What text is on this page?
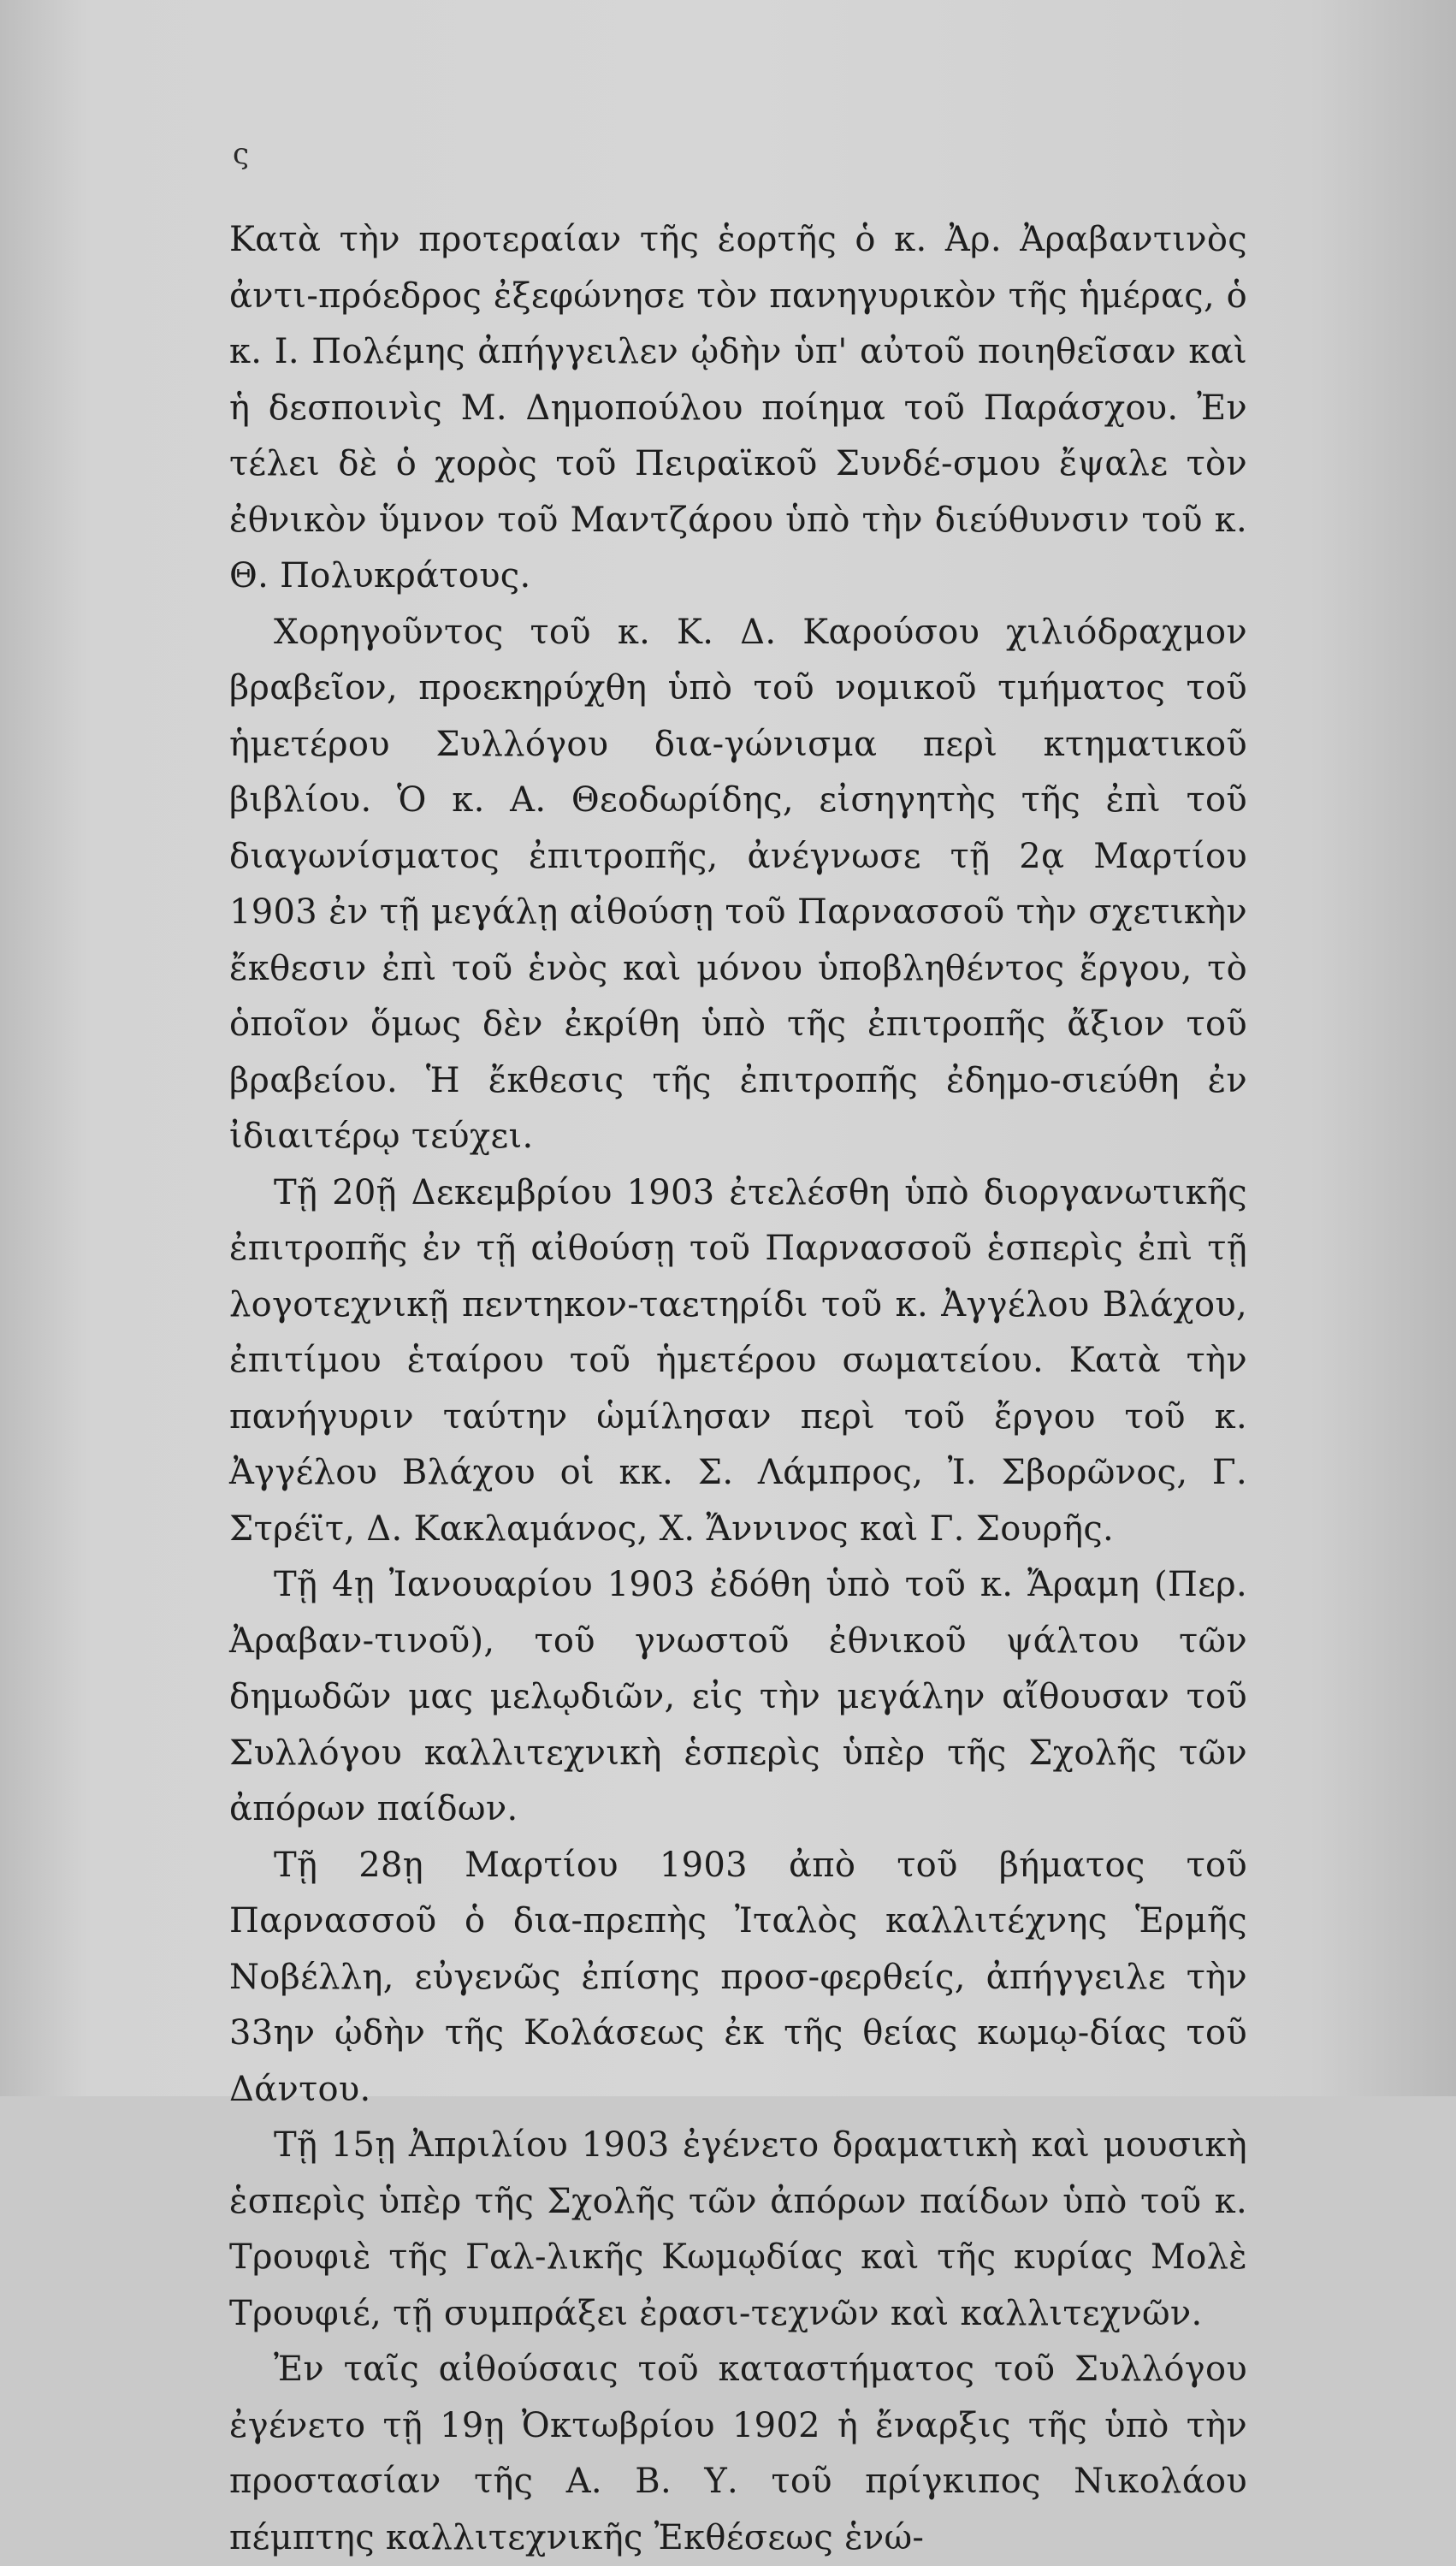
ς

Κατὰ τὴν προτεραίαν τῆς ἑορτῆς ὁ κ. Ἀρ. Ἀραβαντινὸς ἀντι-πρόεδρος ἐξεφώνησε τὸν πανηγυρικὸν τῆς ἡμέρας, ὁ κ. Ι. Πολέμης ἀπήγγειλεν ᾠδὴν ὑπ' αὐτοῦ ποιηθεῖσαν καὶ ἡ δεσποινὶς Μ. Δημοπούλου ποίημα τοῦ Παράσχου. Ἐν τέλει δὲ ὁ χορὸς τοῦ Πειραϊκοῦ Συνδέ-σμου ἔψαλε τὸν ἐθνικὸν ὕμνον τοῦ Μαντζάρου ὑπὸ τὴν διεύθυνσιν τοῦ κ. Θ. Πολυκράτους.

Χορηγοῦντος τοῦ κ. Κ. Δ. Καρούσου χιλιόδραχμον βραβεῖον, προεκηρύχθη ὑπὸ τοῦ νομικοῦ τμήματος τοῦ ἡμετέρου Συλλόγου δια-γώνισμα περὶ κτηματικοῦ βιβλίου. Ὁ κ. Α. Θεοδωρίδης, εἰσηγητὴς τῆς ἐπὶ τοῦ διαγωνίσματος ἐπιτροπῆς, ἀνέγνωσε τῇ 2ᾳ Μαρτίου 1903 ἐν τῇ μεγάλῃ αἰθούσῃ τοῦ Παρνασσοῦ τὴν σχετικὴν ἔκθεσιν ἐπὶ τοῦ ἑνὸς καὶ μόνου ὑποβληθέντος ἔργου, τὸ ὁποῖον ὅμως δὲν ἐκρίθη ὑπὸ τῆς ἐπιτροπῆς ἄξιον τοῦ βραβείου. Ἡ ἔκθεσις τῆς ἐπιτροπῆς ἐδημο-σιεύθη ἐν ἰδιαιτέρῳ τεύχει.

Τῇ 20ῇ Δεκεμβρίου 1903 ἐτελέσθη ὑπὸ διοργανωτικῆς ἐπιτροπῆς ἐν τῇ αἰθούσῃ τοῦ Παρνασσοῦ ἑσπερὶς ἐπὶ τῇ λογοτεχνικῇ πεντηκον-ταετηρίδι τοῦ κ. Ἀγγέλου Βλάχου, ἐπιτίμου ἑταίρου τοῦ ἡμετέρου σωματείου. Κατὰ τὴν πανήγυριν ταύτην ὡμίλησαν περὶ τοῦ ἔργου τοῦ κ. Ἀγγέλου Βλάχου οἱ κκ. Σ. Λάμπρος, Ἰ. Σβορῶνος, Γ. Στρέϊτ, Δ. Κακλαμάνος, Χ. Ἄννινος καὶ Γ. Σουρῆς.

Τῇ 4ῃ Ἰανουαρίου 1903 ἐδόθη ὑπὸ τοῦ κ. Ἄραμη (Περ. Ἀραβαν-τινοῦ), τοῦ γνωστοῦ ἐθνικοῦ ψάλτου τῶν δημωδῶν μας μελῳδιῶν, εἰς τὴν μεγάλην αἴθουσαν τοῦ Συλλόγου καλλιτεχνικὴ ἑσπερὶς ὑπὲρ τῆς Σχολῆς τῶν ἀπόρων παίδων.

Τῇ 28ῃ Μαρτίου 1903 ἀπὸ τοῦ βήματος τοῦ Παρνασσοῦ ὁ δια-πρεπὴς Ἰταλὸς καλλιτέχνης Ἑρμῆς Νοβέλλη, εὐγενῶς ἐπίσης προσ-φερθείς, ἀπήγγειλε τὴν 33ην ᾠδὴν τῆς Κολάσεως ἐκ τῆς θείας κωμῳ-δίας τοῦ Δάντου.

Τῇ 15ῃ Ἀπριλίου 1903 ἐγένετο δραματικὴ καὶ μουσικὴ ἑσπερὶς ὑπὲρ τῆς Σχολῆς τῶν ἀπόρων παίδων ὑπὸ τοῦ κ. Τρουφιὲ τῆς Γαλ-λικῆς Κωμῳδίας καὶ τῆς κυρίας Μολὲ Τρουφιέ, τῇ συμπράξει ἐρασι-τεχνῶν καὶ καλλιτεχνῶν.

Ἐν ταῖς αἰθούσαις τοῦ καταστήματος τοῦ Συλλόγου ἐγένετο τῇ 19ῃ Ὀκτωβρίου 1902 ἡ ἔναρξις τῆς ὑπὸ τὴν προστασίαν τῆς Α. Β. Υ. τοῦ πρίγκιπος Νικολάου πέμπτης καλλιτεχνικῆς Ἐκθέσεως ἑνώ-
